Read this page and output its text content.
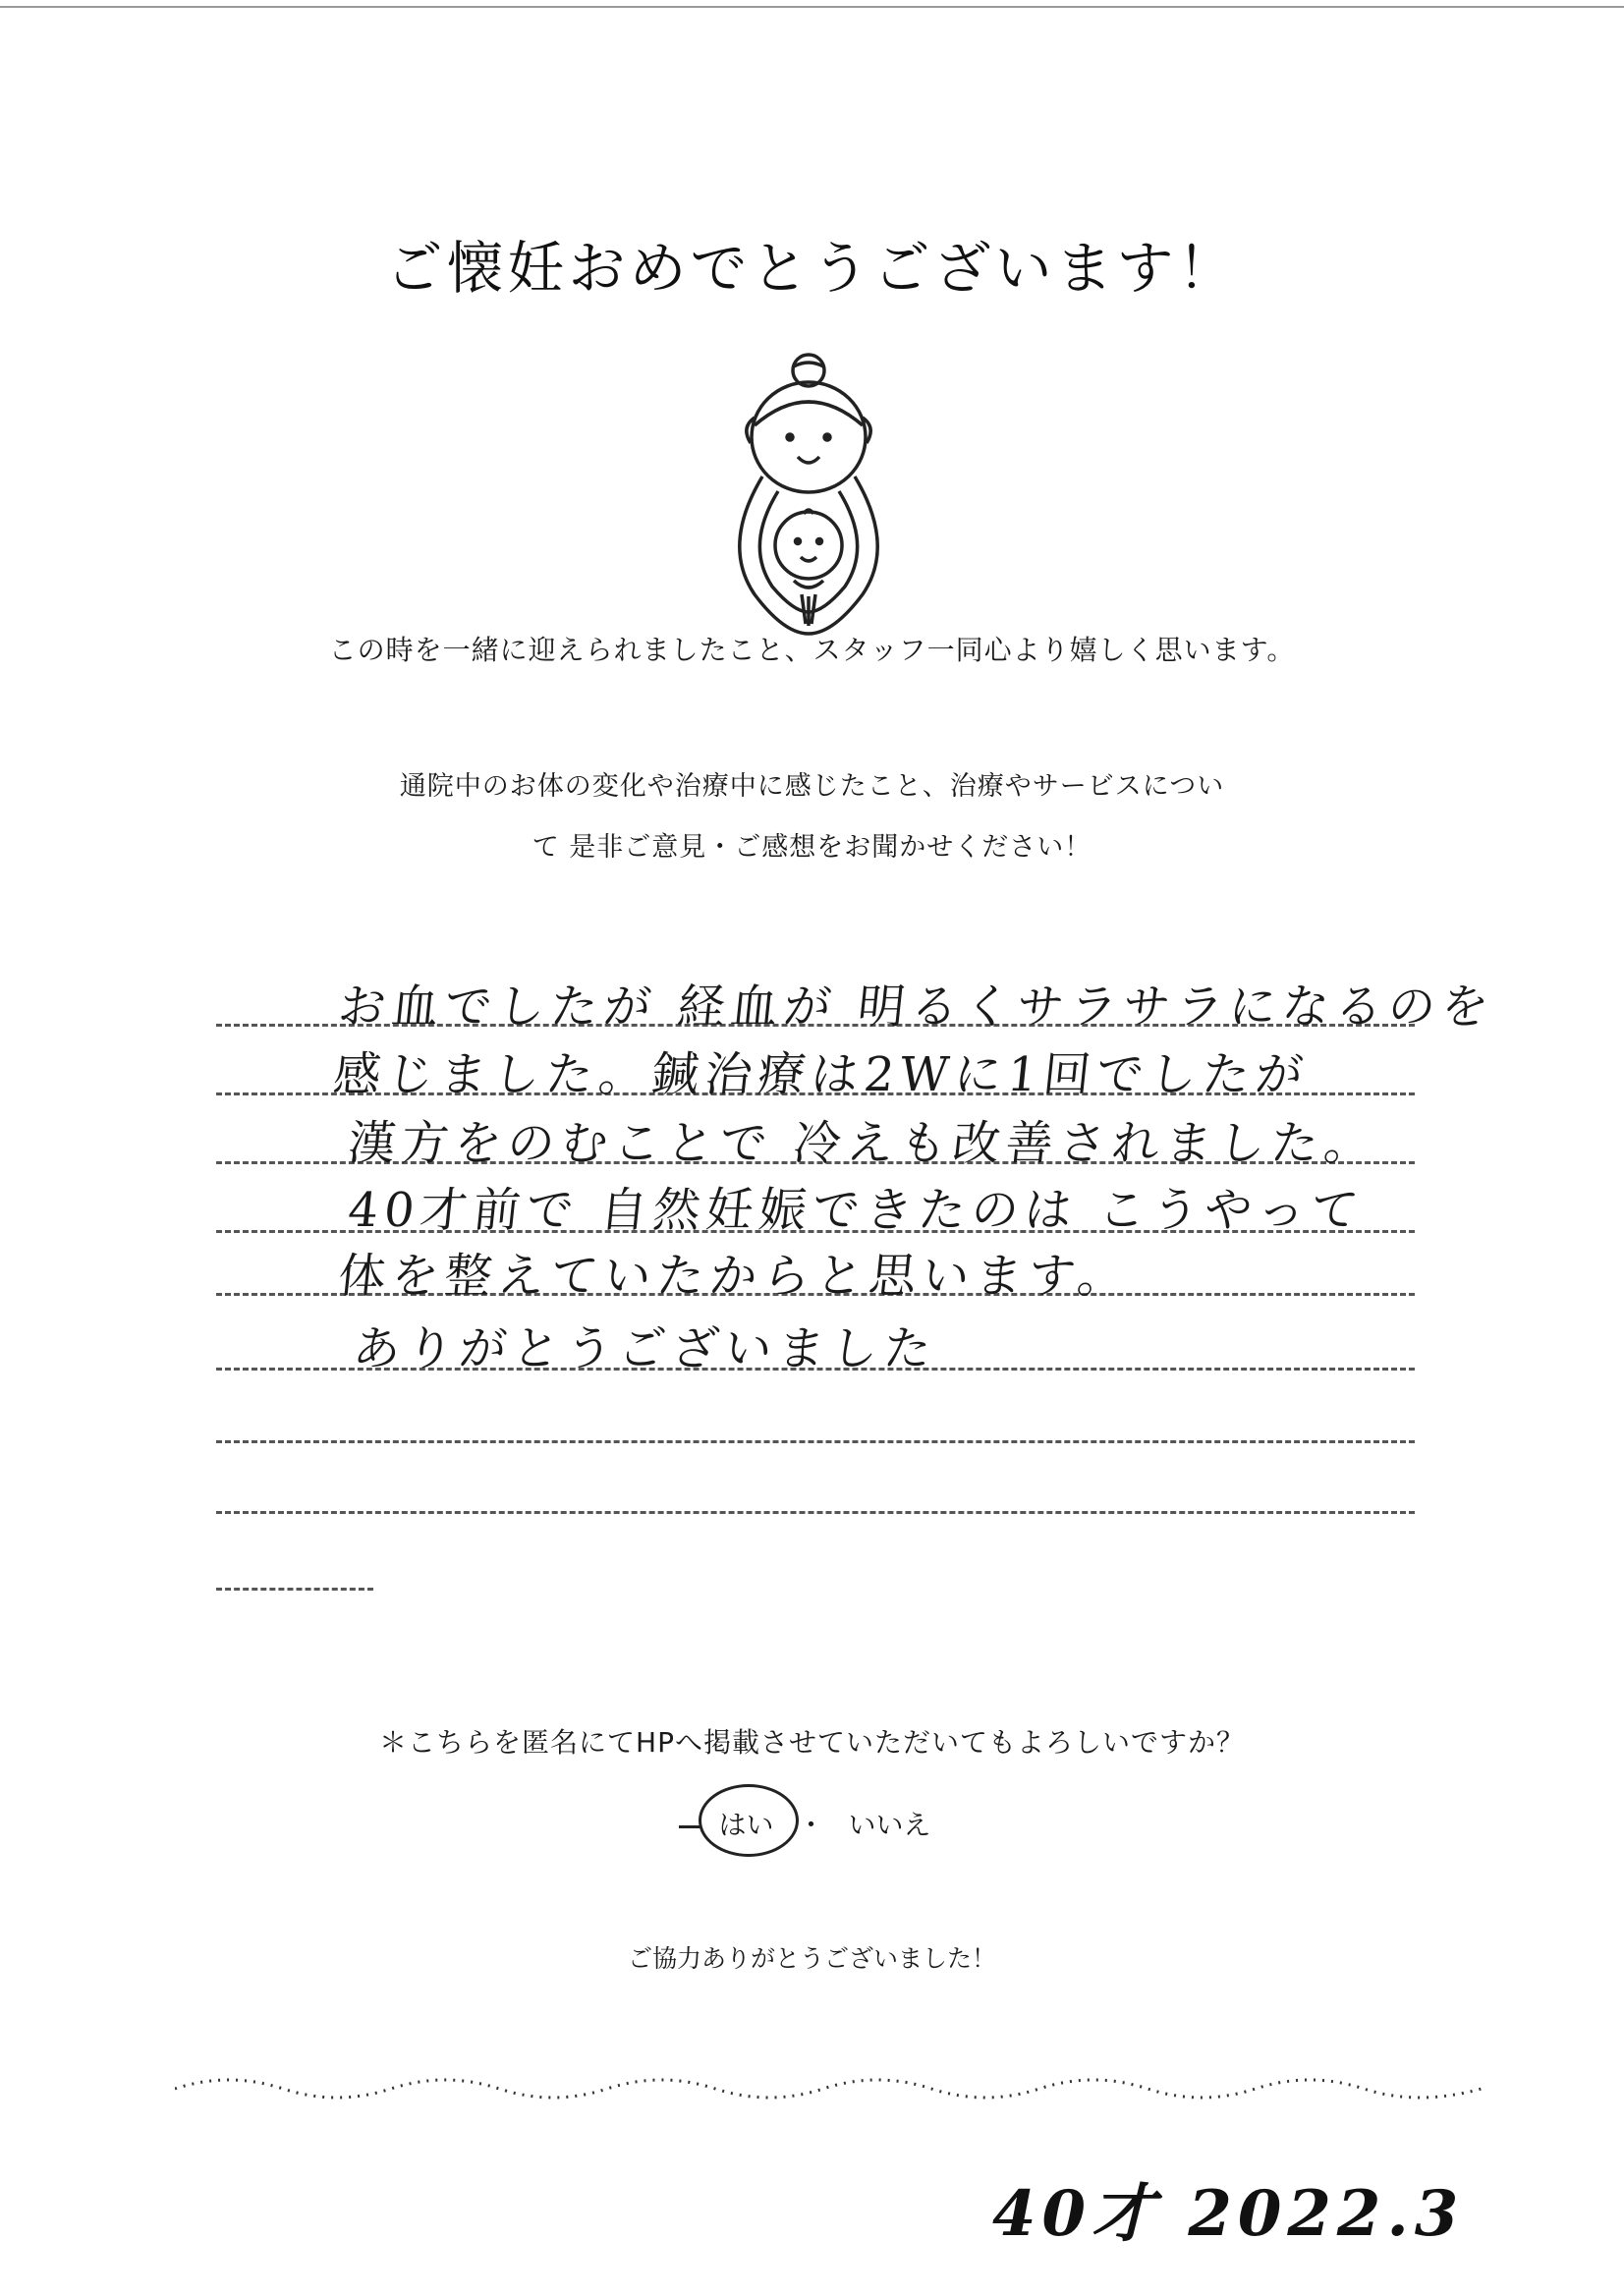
ご懐妊おめでとうございます！
この時を一緒に迎えられましたこと、スタッフ一同心より嬉しく思います。
通院中のお体の変化や治療中に感じたこと、治療やサービスについ
て 是非ご意見・ご感想をお聞かせください！
お血でしたが 経血が 明るくサラサラになるのを
感じました。鍼治療は2Wに1回でしたが
漢方をのむことで 冷えも改善されました。
40才前で 自然妊娠できたのは こうやって
体を整えていたからと思います。
ありがとうございました
＊こちらを匿名にてHPへ掲載させていただいてもよろしいですか？
はい ・ いいえ
ご協力ありがとうございました！
40才 2022.3
